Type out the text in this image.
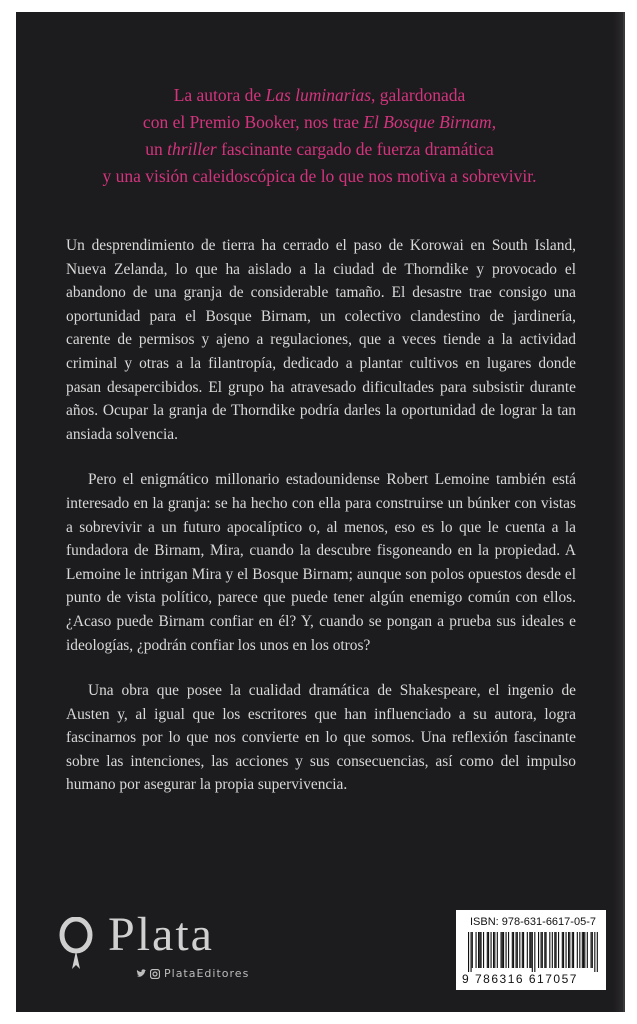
La autora de Las luminarias, galardonada
con el Premio Booker, nos trae El Bosque Birnam,
un thriller fascinante cargado de fuerza dramática
y una visión caleidoscópica de lo que nos motiva a sobrevivir.

Un desprendimiento de tierra ha cerrado el paso de Korowai en South Island, Nueva Zelanda, lo que ha aislado a la ciudad de Thorndike y provocado el abandono de una granja de considerable tamaño. El desastre trae consigo una oportunidad para el Bosque Birnam, un colectivo clandestino de jardinería, carente de permisos y ajeno a regulaciones, que a veces tiende a la actividad criminal y otras a la filantropía, dedicado a plantar cultivos en lugares donde pasan desapercibidos. El grupo ha atravesado dificultades para subsistir durante años. Ocupar la granja de Thorndike podría darles la oportunidad de lograr la tan ansiada solvencia.

Pero el enigmático millonario estadounidense Robert Lemoine también está interesado en la granja: se ha hecho con ella para construirse un búnker con vistas a sobrevivir a un futuro apocalíptico o, al menos, eso es lo que le cuenta a la fundadora de Birnam, Mira, cuando la descubre fisgoneando en la propiedad. A Lemoine le intrigan Mira y el Bosque Birnam; aunque son polos opuestos desde el punto de vista político, parece que puede tener algún enemigo común con ellos. ¿Acaso puede Birnam confiar en él? Y, cuando se pongan a prueba sus ideales e ideologías, ¿podrán confiar los unos en los otros?

Una obra que posee la cualidad dramática de Shakespeare, el ingenio de Austen y, al igual que los escritores que han influenciado a su autora, logra fascinarnos por lo que nos convierte en lo que somos. Una reflexión fascinante sobre las intenciones, las acciones y sus consecuencias, así como del impulso humano por asegurar la propia supervivencia.

Plata
PlataEditores
ISBN: 978-631-6617-05-7
9 786316 617057
